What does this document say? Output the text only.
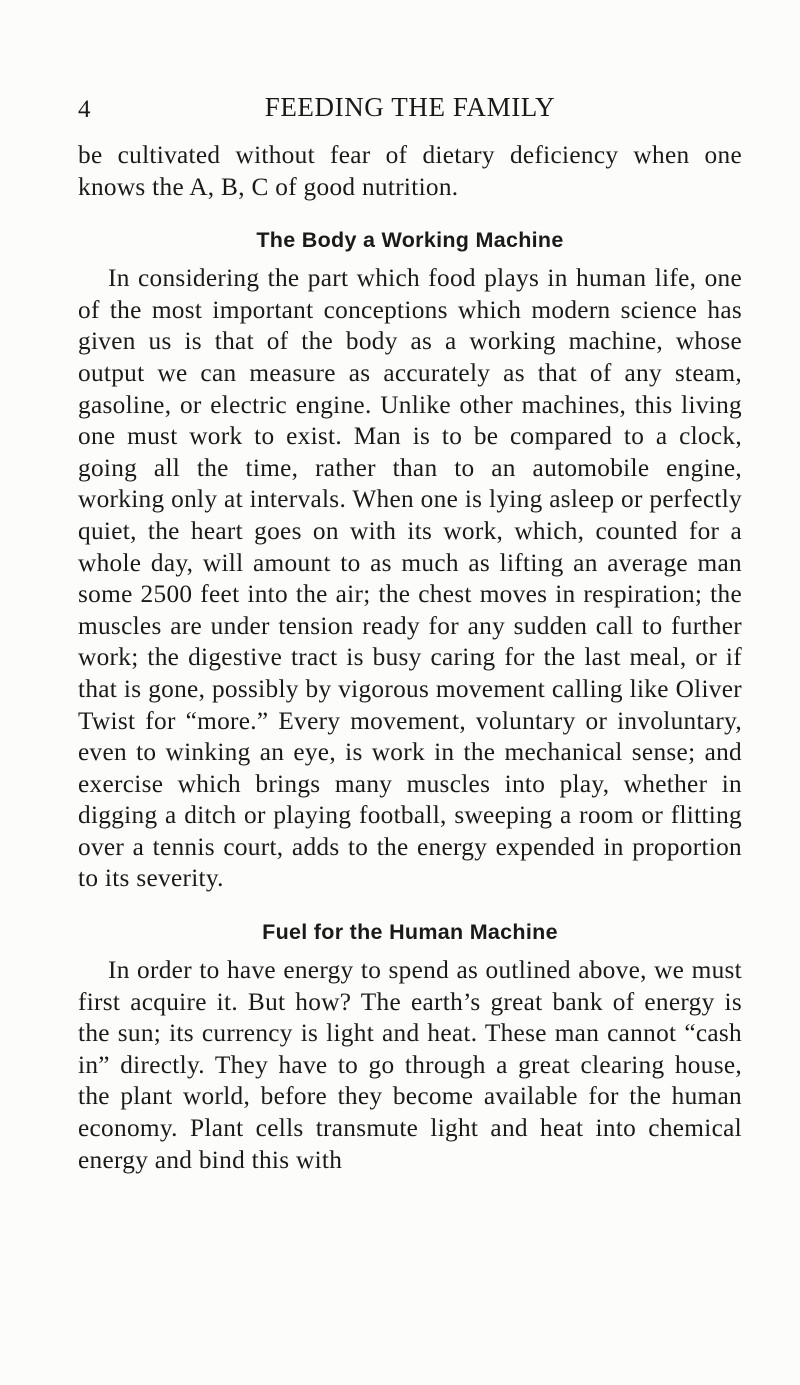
4	FEEDING THE FAMILY

be cultivated without fear of dietary deficiency when one knows the A, B, C of good nutrition.

The Body a Working Machine

In considering the part which food plays in human life, one of the most important conceptions which modern science has given us is that of the body as a working machine, whose output we can measure as accurately as that of any steam, gasoline, or electric engine. Unlike other machines, this living one must work to exist. Man is to be compared to a clock, going all the time, rather than to an automobile engine, working only at intervals. When one is lying asleep or perfectly quiet, the heart goes on with its work, which, counted for a whole day, will amount to as much as lifting an average man some 2500 feet into the air; the chest moves in respiration; the muscles are under tension ready for any sudden call to further work; the digestive tract is busy caring for the last meal, or if that is gone, possibly by vigorous movement calling like Oliver Twist for “more.” Every movement, voluntary or involuntary, even to winking an eye, is work in the mechanical sense; and exercise which brings many muscles into play, whether in digging a ditch or playing football, sweeping a room or flitting over a tennis court, adds to the energy expended in proportion to its severity.

Fuel for the Human Machine

In order to have energy to spend as outlined above, we must first acquire it. But how? The earth’s great bank of energy is the sun; its currency is light and heat. These man cannot “cash in” directly. They have to go through a great clearing house, the plant world, before they become available for the human economy. Plant cells transmute light and heat into chemical energy and bind this with
